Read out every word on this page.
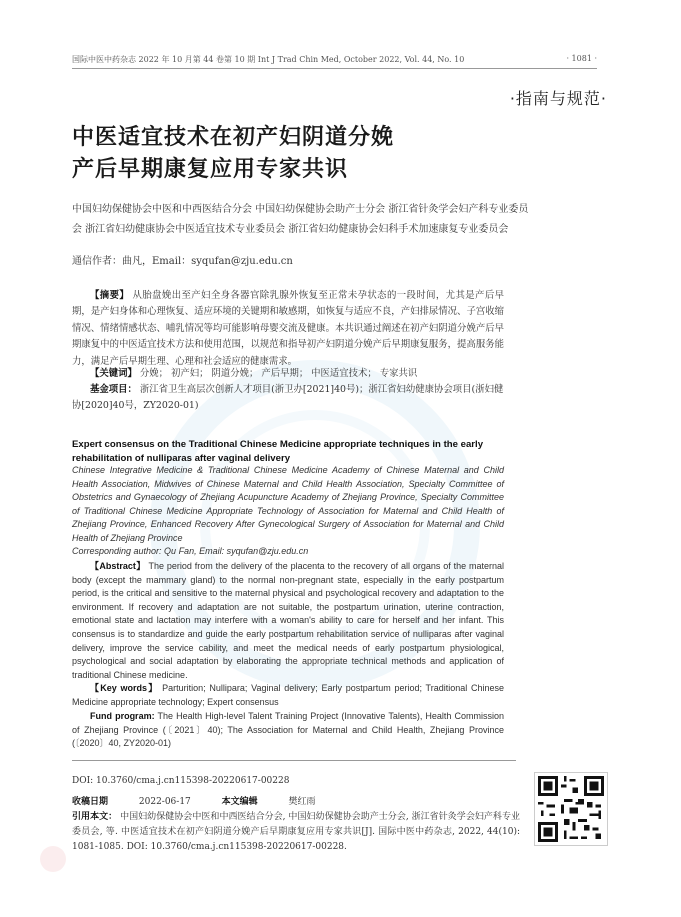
国际中医中药杂志 2022 年 10 月第 44 卷第 10 期 Int J Trad Chin Med, October 2022, Vol. 44, No. 10	· 1081 ·
·指南与规范·
中医适宜技术在初产妇阴道分娩
产后早期康复应用专家共识
中国妇幼保健协会中医和中西医结合分会 中国妇幼保健协会助产士分会 浙江省针灸学会妇产科专业委员会 浙江省妇幼健康协会中医适宜技术专业委员会 浙江省妇幼健康协会妇科手术加速康复专业委员会
通信作者：曲凡，Email：syqufan@zju.edu.cn
【摘要】 从胎盘娩出至产妇全身各器官除乳腺外恢复至正常未孕状态的一段时间，尤其是产后早期，是产妇身体和心理恢复、适应环境的关键期和敏感期，如恢复与适应不良，产妇排尿情况、子宫收缩情况、情绪情感状态、哺乳情况等均可能影响母婴交流及健康。本共识通过阐述在初产妇阴道分娩产后早期康复中的中医适宜技术方法和使用范围，以规范和指导初产妇阴道分娩产后早期康复服务，提高服务能力，满足产后早期生理、心理和社会适应的健康需求。
【关键词】 分娩； 初产妇； 阴道分娩； 产后早期； 中医适宜技术； 专家共识
基金项目： 浙江省卫生高层次创新人才项目(浙卫办[2021]40号)；浙江省妇幼健康协会项目(浙妇健协[2020]40号，ZY2020-01)
Expert consensus on the Traditional Chinese Medicine appropriate techniques in the early rehabilitation of nulliparas after vaginal delivery
Chinese Integrative Medicine & Traditional Chinese Medicine Academy of Chinese Maternal and Child Health Association, Midwives of Chinese Maternal and Child Health Association, Specialty Committee of Obstetrics and Gynaecology of Zhejiang Acupuncture Academy of Zhejiang Province, Specialty Committee of Traditional Chinese Medicine Appropriate Technology of Association for Maternal and Child Health of Zhejiang Province, Enhanced Recovery After Gynecological Surgery of Association for Maternal and Child Health of Zhejiang Province
Corresponding author: Qu Fan, Email: syqufan@zju.edu.cn
【Abstract】 The period from the delivery of the placenta to the recovery of all organs of the maternal body (except the mammary gland) to the normal non-pregnant state, especially in the early postpartum period, is the critical and sensitive to the maternal physical and psychological recovery and adaptation to the environment. If recovery and adaptation are not suitable, the postpartum urination, uterine contraction, emotional state and lactation may interfere with a woman's ability to care for herself and her infant. This consensus is to standardize and guide the early postpartum rehabilitation service of nulliparas after vaginal delivery, improve the service cability, and meet the medical needs of early postpartum physiological, psychological and social adaptation by elaborating the appropriate technical methods and application of traditional Chinese medicine.
【Key words】 Parturition; Nullipara; Vaginal delivery; Early postpartum period; Traditional Chinese Medicine appropriate technology; Expert consensus
Fund program: The Health High-level Talent Training Project (Innovative Talents), Health Commission of Zhejiang Province (〔2021〕40); The Association for Maternal and Child Health, Zhejiang Province (〔2020〕40, ZY2020-01)
DOI: 10.3760/cma.j.cn115398-20220617-00228
收稿日期	2022-06-17	本文编辑	樊红雨
引用本文： 中国妇幼保健协会中医和中西医结合分会, 中国妇幼保健协会助产士分会, 浙江省针灸学会妇产科专业委员会, 等. 中医适宜技术在初产妇阴道分娩产后早期康复应用专家共识[J]. 国际中医中药杂志, 2022, 44(10): 1081-1085. DOI: 10.3760/cma.j.cn115398-20220617-00228.
